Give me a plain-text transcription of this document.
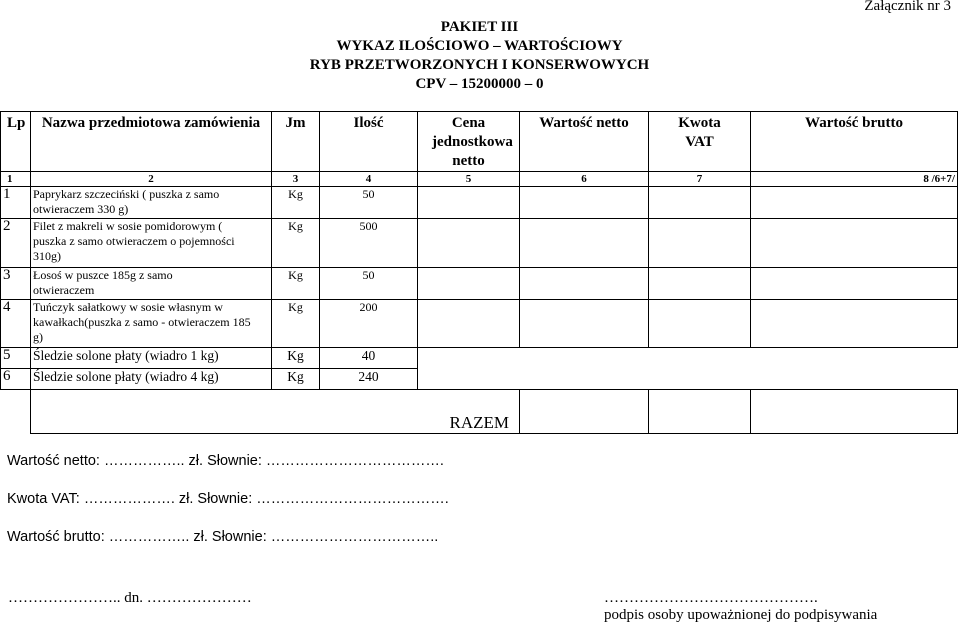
Załącznik nr 3
PAKIET III
WYKAZ ILOŚCIOWO – WARTOŚCIOWY
RYB PRZETWORZONYCH I KONSERWOWYCH
CPV – 15200000 – 0
Lp	Nazwa przedmiotowa zamówienia	Jm	Ilość	Cena jednostkowa netto	Wartość netto	Kwota VAT	Wartość brutto
1	2	3	4	5	6	7	8 /6+7/
1	Paprykarz szczeciński ( puszka z samo otwieraczem 330 g)	Kg	50				
2	Filet z makreli w sosie pomidorowym ( puszka z samo otwieraczem o pojemności 310g)	Kg	500				
3	Łosoś w puszce 185g z samo otwieraczem	Kg	50				
4	Tuńczyk sałatkowy w sosie własnym w kawałkach(puszka z samo - otwieraczem 185 g)	Kg	200				
5	Śledzie solone płaty (wiadro 1 kg)	Kg	40				
6	Śledzie solone płaty (wiadro 4 kg)	Kg	240				
	RAZEM						
Wartość netto: …………….. zł. Słownie: ……………………………….
Kwota VAT: ………………. zł. Słownie: ………………………………….
Wartość brutto: …………….. zł. Słownie: ……………………………..
………………….. dn. …………………	…………………………………….
podpis osoby upoważnionej do podpisywania
